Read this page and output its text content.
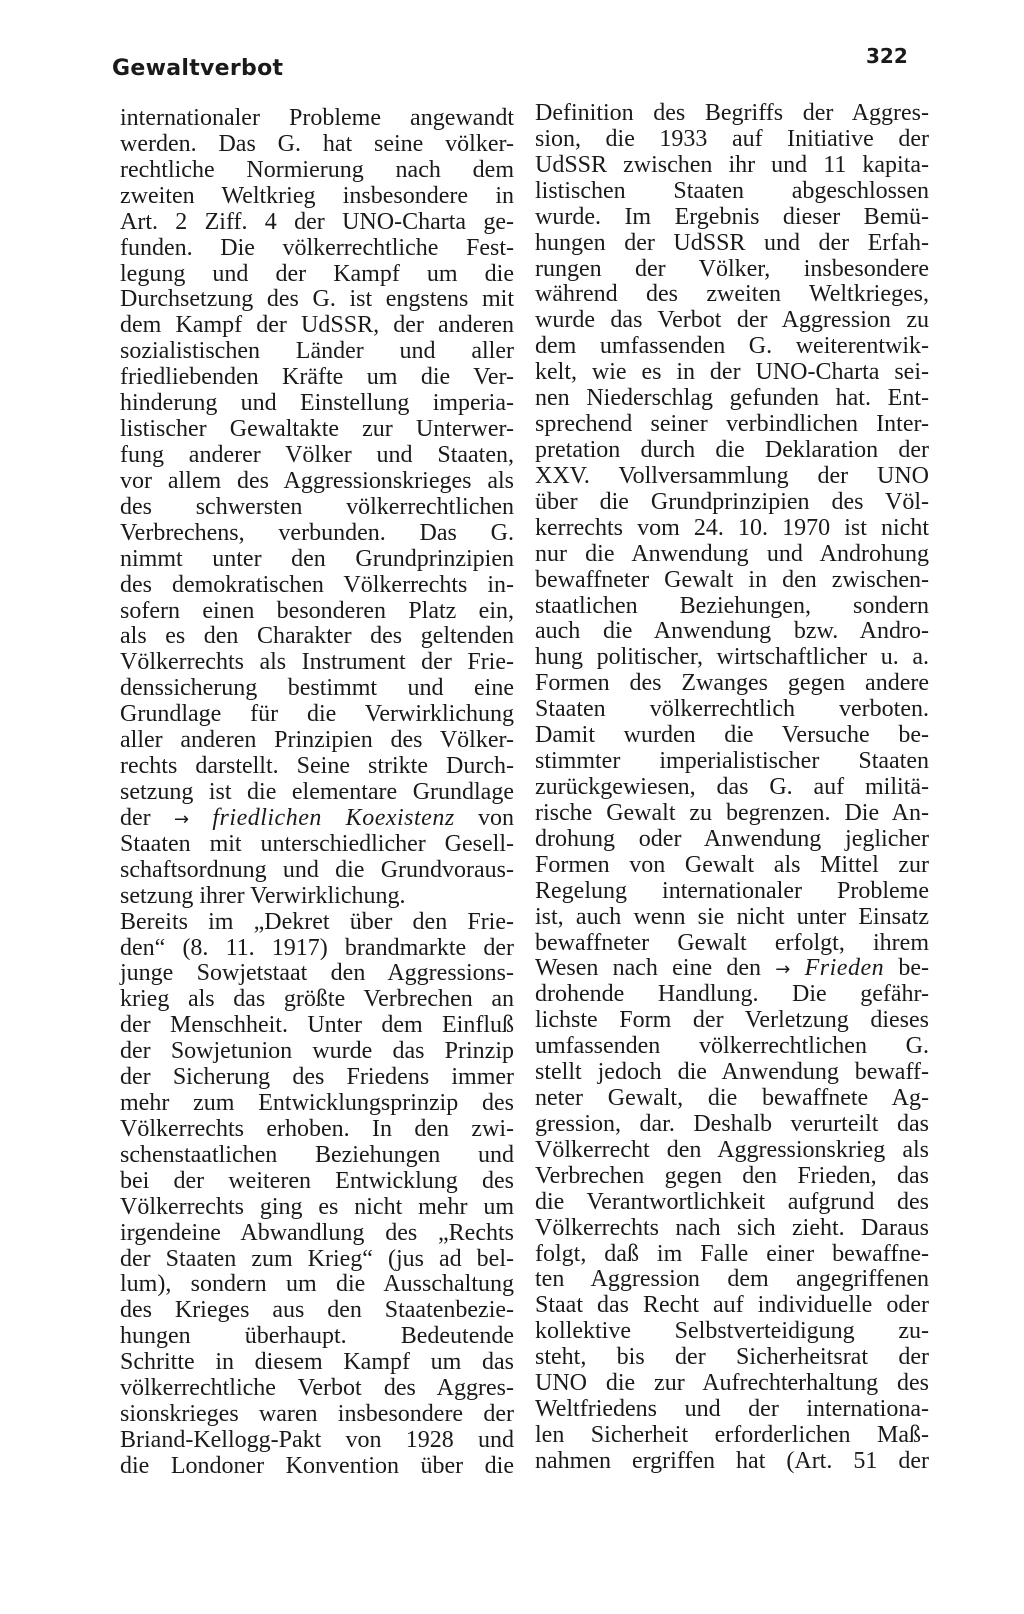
Gewaltverbot	322
internationaler Probleme angewandt
werden. Das G. hat seine völker-
rechtliche Normierung nach dem
zweiten Weltkrieg insbesondere in
Art. 2 Ziff. 4 der UNO-Charta ge-
funden. Die völkerrechtliche Fest-
legung und der Kampf um die
Durchsetzung des G. ist engstens mit
dem Kampf der UdSSR, der anderen
sozialistischen Länder und aller
friedliebenden Kräfte um die Ver-
hinderung und Einstellung imperia-
listischer Gewaltakte zur Unterwer-
fung anderer Völker und Staaten,
vor allem des Aggressionskrieges als
des schwersten völkerrechtlichen
Verbrechens, verbunden. Das G.
nimmt unter den Grundprinzipien
des demokratischen Völkerrechts in-
sofern einen besonderen Platz ein,
als es den Charakter des geltenden
Völkerrechts als Instrument der Frie-
denssicherung bestimmt und eine
Grundlage für die Verwirklichung
aller anderen Prinzipien des Völker-
rechts darstellt. Seine strikte Durch-
setzung ist die elementare Grundlage
der → friedlichen Koexistenz von
Staaten mit unterschiedlicher Gesell-
schaftsordnung und die Grundvoraus-
setzung ihrer Verwirklichung.
Bereits im „Dekret über den Frie-
den“ (8. 11. 1917) brandmarkte der
junge Sowjetstaat den Aggressions-
krieg als das größte Verbrechen an
der Menschheit. Unter dem Einfluß
der Sowjetunion wurde das Prinzip
der Sicherung des Friedens immer
mehr zum Entwicklungsprinzip des
Völkerrechts erhoben. In den zwi-
schenstaatlichen Beziehungen und
bei der weiteren Entwicklung des
Völkerrechts ging es nicht mehr um
irgendeine Abwandlung des „Rechts
der Staaten zum Krieg“ (jus ad bel-
lum), sondern um die Ausschaltung
des Krieges aus den Staatenbezie-
hungen überhaupt. Bedeutende
Schritte in diesem Kampf um das
völkerrechtliche Verbot des Aggres-
sionskrieges waren insbesondere der
Briand-Kellogg-Pakt von 1928 und
die Londoner Konvention über die
Definition des Begriffs der Aggres-
sion, die 1933 auf Initiative der
UdSSR zwischen ihr und 11 kapita-
listischen Staaten abgeschlossen
wurde. Im Ergebnis dieser Bemü-
hungen der UdSSR und der Erfah-
rungen der Völker, insbesondere
während des zweiten Weltkrieges,
wurde das Verbot der Aggression zu
dem umfassenden G. weiterentwik-
kelt, wie es in der UNO-Charta sei-
nen Niederschlag gefunden hat. Ent-
sprechend seiner verbindlichen Inter-
pretation durch die Deklaration der
XXV. Vollversammlung der UNO
über die Grundprinzipien des Völ-
kerrechts vom 24. 10. 1970 ist nicht
nur die Anwendung und Androhung
bewaffneter Gewalt in den zwischen-
staatlichen Beziehungen, sondern
auch die Anwendung bzw. Andro-
hung politischer, wirtschaftlicher u. a.
Formen des Zwanges gegen andere
Staaten völkerrechtlich verboten.
Damit wurden die Versuche be-
stimmter imperialistischer Staaten
zurückgewiesen, das G. auf militä-
rische Gewalt zu begrenzen. Die An-
drohung oder Anwendung jeglicher
Formen von Gewalt als Mittel zur
Regelung internationaler Probleme
ist, auch wenn sie nicht unter Einsatz
bewaffneter Gewalt erfolgt, ihrem
Wesen nach eine den → Frieden be-
drohende Handlung. Die gefähr-
lichste Form der Verletzung dieses
umfassenden völkerrechtlichen G.
stellt jedoch die Anwendung bewaff-
neter Gewalt, die bewaffnete Ag-
gression, dar. Deshalb verurteilt das
Völkerrecht den Aggressionskrieg als
Verbrechen gegen den Frieden, das
die Verantwortlichkeit aufgrund des
Völkerrechts nach sich zieht. Daraus
folgt, daß im Falle einer bewaffne-
ten Aggression dem angegriffenen
Staat das Recht auf individuelle oder
kollektive Selbstverteidigung zu-
steht, bis der Sicherheitsrat der
UNO die zur Aufrechterhaltung des
Weltfriedens und der internationa-
len Sicherheit erforderlichen Maß-
nahmen ergriffen hat (Art. 51 der
